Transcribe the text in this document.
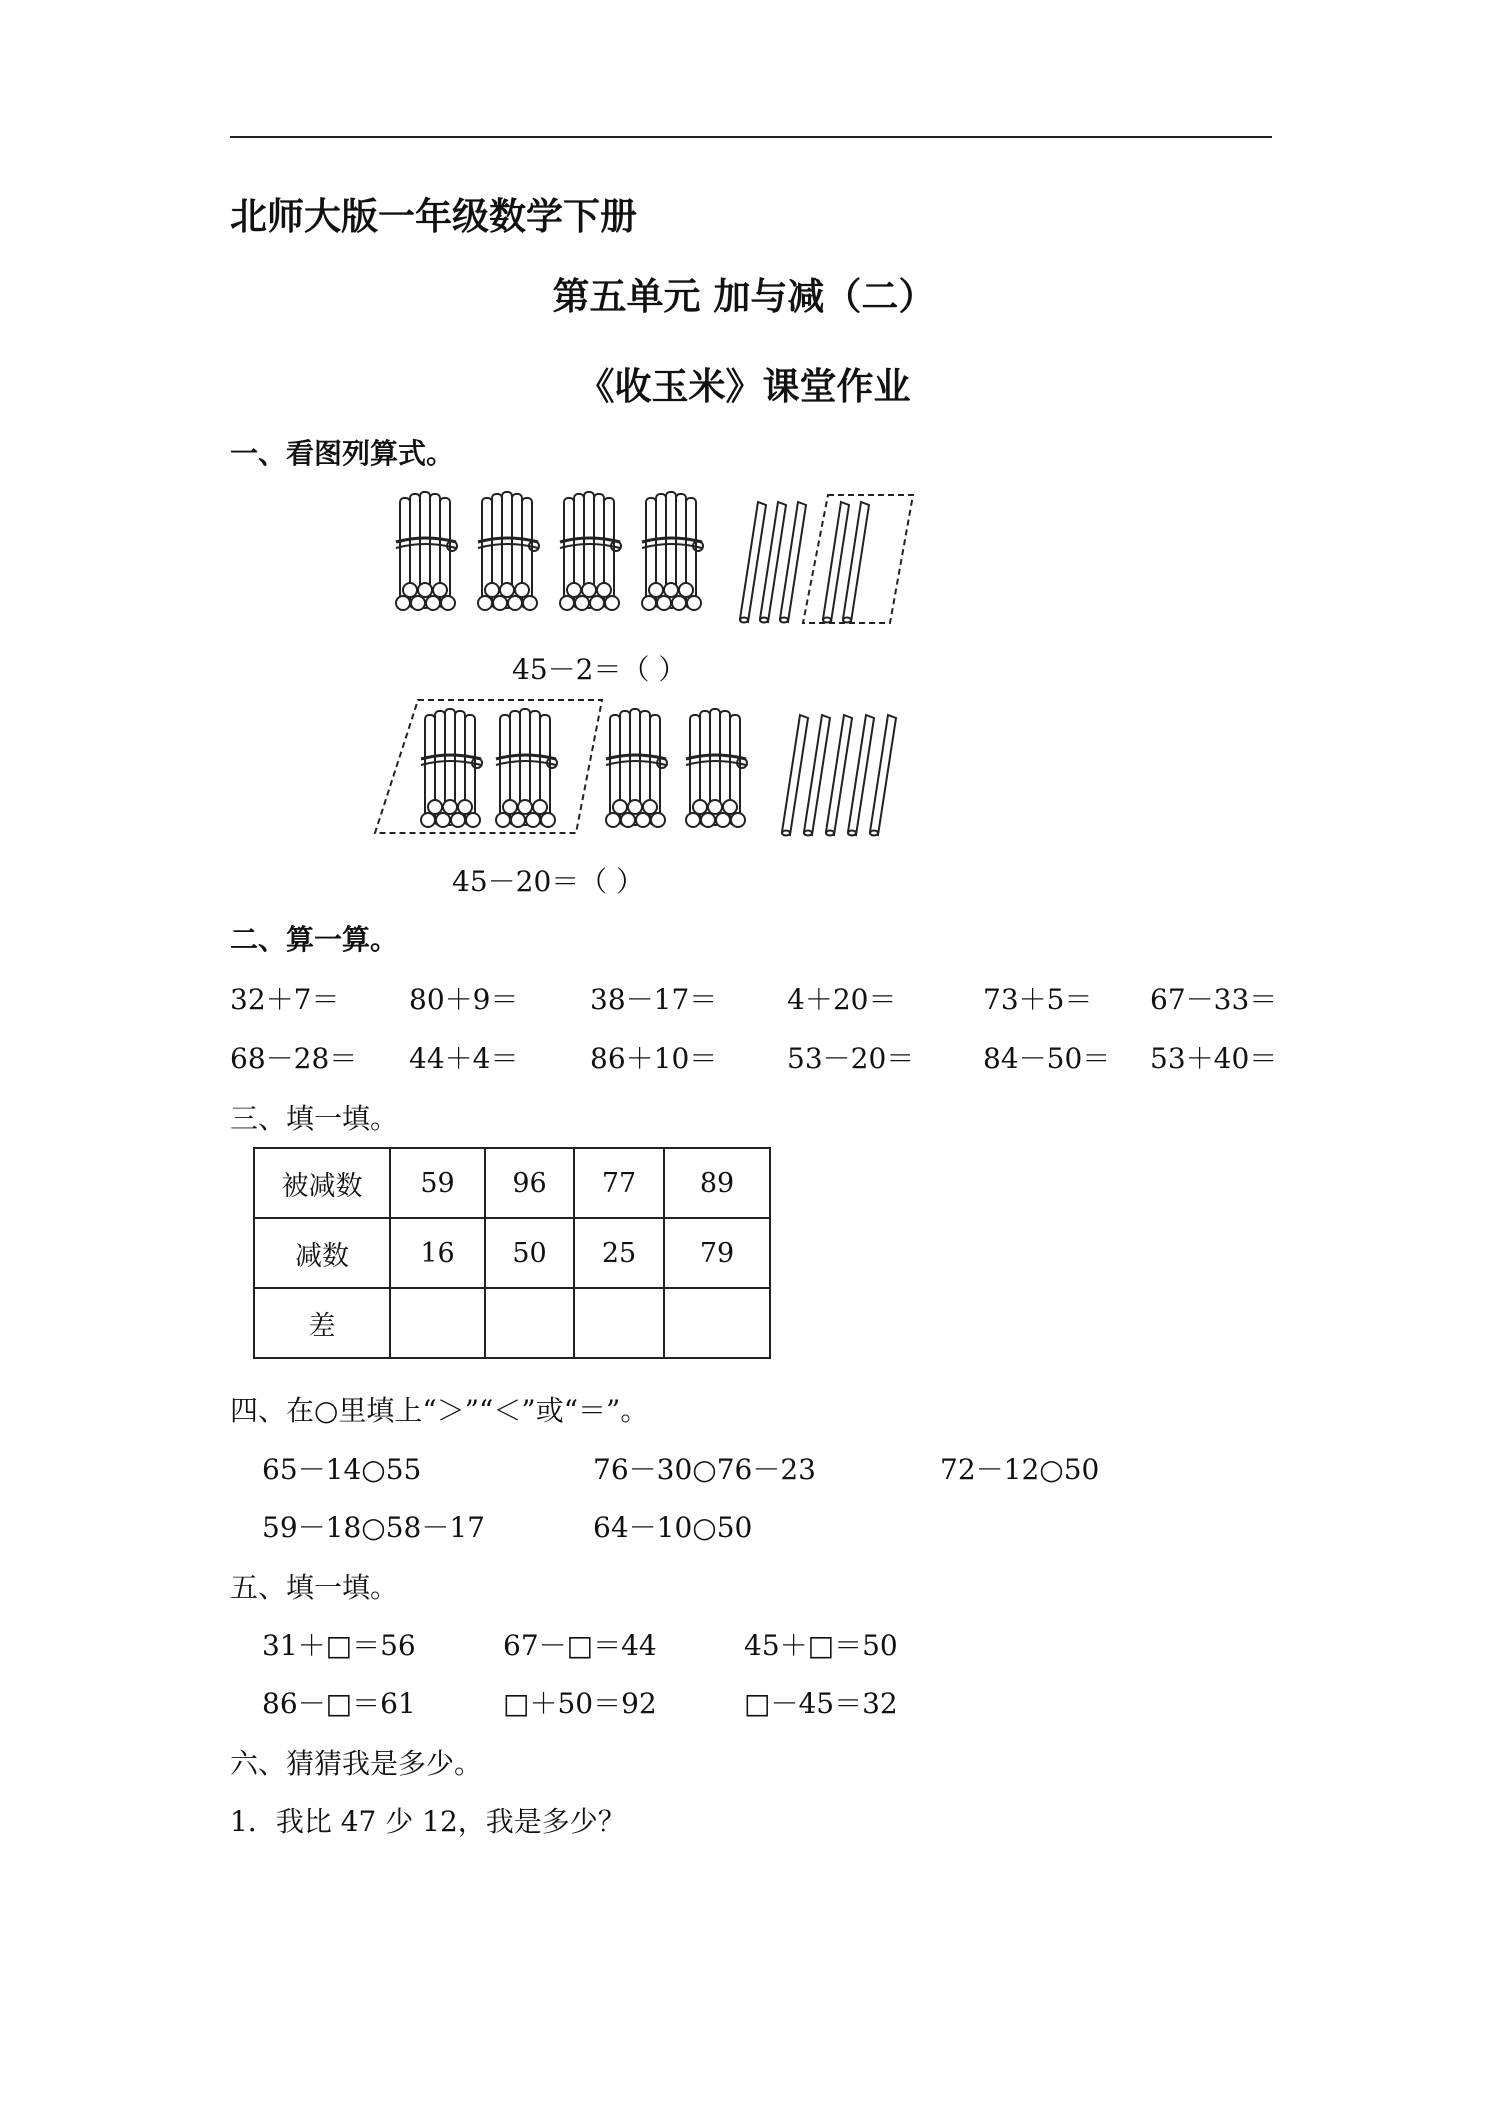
北师大版一年级数学下册
第五单元 加与减（二）
《收玉米》课堂作业
一、看图列算式。
45－2＝（ ）
45－20＝（ ）
二、算一算。
32＋7＝ 80＋9＝	38－17＝ 4＋20＝	73＋5＝ 67－33＝
68－28＝ 44＋4＝	86＋10＝ 53－20＝ 84－50＝ 53＋40＝
三、填一填。
被减数	59	96	77	89
减数	16	50	25	79
差				
四、在○里填上“＞”“＜”或“＝”。
65－14○55	76－30○76－23	72－12○50
59－18○58－17	64－10○50
五、填一填。
31＋□＝56	67－□＝44	45＋□＝50
86－□＝61	□＋50＝92	□－45＝32
六、猜猜我是多少。
1．我比 47 少 12，我是多少？
